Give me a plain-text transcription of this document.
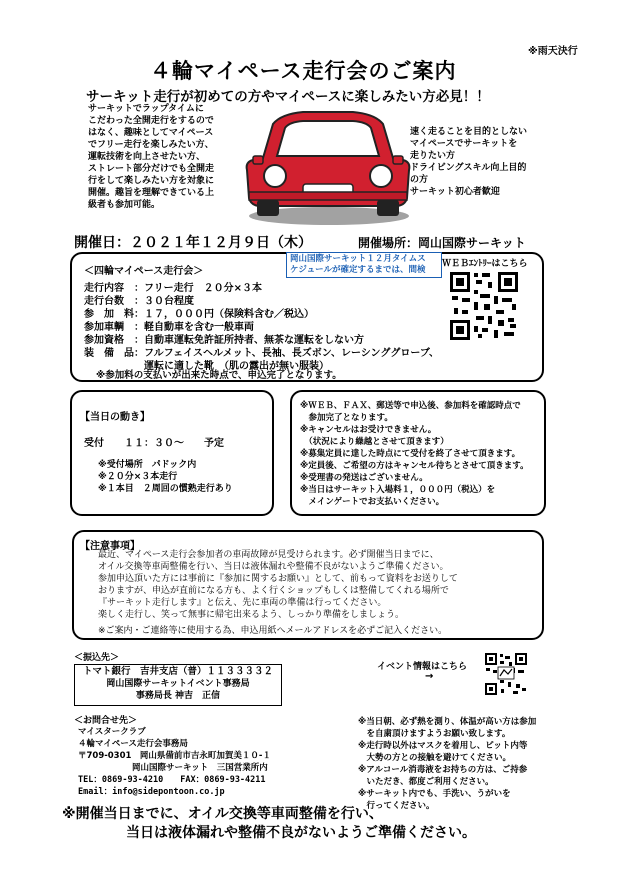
※雨天決行
４輪マイペース走行会のご案内
サーキット走行が初めての方やマイペースに楽しみたい方必見！！
サーキットでラップタイムに
こだわった全開走行をするので
はなく、趣味としてマイペース
でフリー走行を楽しみたい方、
運転技術を向上させたい方、
ストレート部分だけでも全開走
行をして楽しみたい方を対象に
開催。趣旨を理解できている上
級者も参加可能。
速く走ることを目的としない
マイペースでサーキットを
走りたい方
ドライビングスキル向上目的
の方
サーキット初心者歓迎
開催日：２０２１年１２月９日（木）	開催場所：岡山国際サーキット
＜四輪マイペース走行会＞
岡山国際サーキット１２月タイムス
ケジュールが確定するまでは、間検
ＷＥＢｴﾝﾄﾘｰはこちら
走行内容　：フリー走行　２０分×３本
走行台数　：３０台程度
参　加　料：１７，０００円（保険料含む／税込）
参加車輌　：軽自動車を含む一般車両
参加資格　：自動車運転免許証所持者、無茶な運転をしない方
装　備　品：フルフェイスヘルメット、長袖、長ズボン、レーシンググローブ、
　　　　　　運転に適した靴　（肌の露出が無い服装）
※参加料の支払いが出来た時点で、申込完了となります。
【当日の動き】
受付　　１１：３０～　　予定
※受付場所　パドック内
※２０分×３本走行
※１本目　２周回の慣熟走行あり
※ＷＥＢ、ＦＡＸ、郵送等で申込後、参加料を確認時点で
　参加完了となります。
※キャンセルはお受けできません。
　（状況により繰越とさせて頂きます）
※募集定員に達した時点にて受付を終了させて頂きます。
※定員後、ご希望の方はキャンセル待ちとさせて頂きます。
※受理書の発送はございません。
※当日はサーキット入場料１，０００円（税込）を
　メインゲートでお支払いください。
【注意事項】
最近、マイペース走行会参加者の車両故障が見受けられます。必ず開催当日までに、
オイル交換等車両整備を行い、当日は液体漏れや整備不良がないようご準備ください。
参加申込頂いた方には事前に『参加に関するお願い』として、前もって資料をお送りして
おりますが、申込が直前になる方も、よく行くショップもしくは整備してくれる場所で
『サーキット走行します』と伝え、先に車両の準備は行ってください。
楽しく走行し、笑って無事に帰宅出来るよう、しっかり準備をしましょう。
※ご案内・ご連絡等に使用する為、申込用紙へメールアドレスを必ずご記入ください。
＜振込先＞
トマト銀行　吉井支店（普）１１３３３３２
岡山国際サーキットイベント事務局
事務局長 神吉　正信
イベント情報はこちら
→
＜お問合せ先＞
マイスタークラブ
４輪マイペース走行会事務局
〒709-0301　岡山県備前市吉永町加賀美１０-１
　　　　　　 岡山国際サーキット　三国営業所内
TEL：0869-93-4210　　FAX：0869-93-4211
Email：info@sidepontoon.co.jp
※当日朝、必ず熱を測り、体温が高い方は参加
　を自粛頂けますようお願い致します。
※走行時以外はマスクを着用し、ピット内等
　大勢の方との接触を避けてください。
※アルコール消毒液をお持ちの方は、ご持参
　いただき、都度ご利用ください。
※サーキット内でも、手洗い、うがいを
　行ってください。
※開催当日までに、オイル交換等車両整備を行い、
当日は液体漏れや整備不良がないようご準備ください。
